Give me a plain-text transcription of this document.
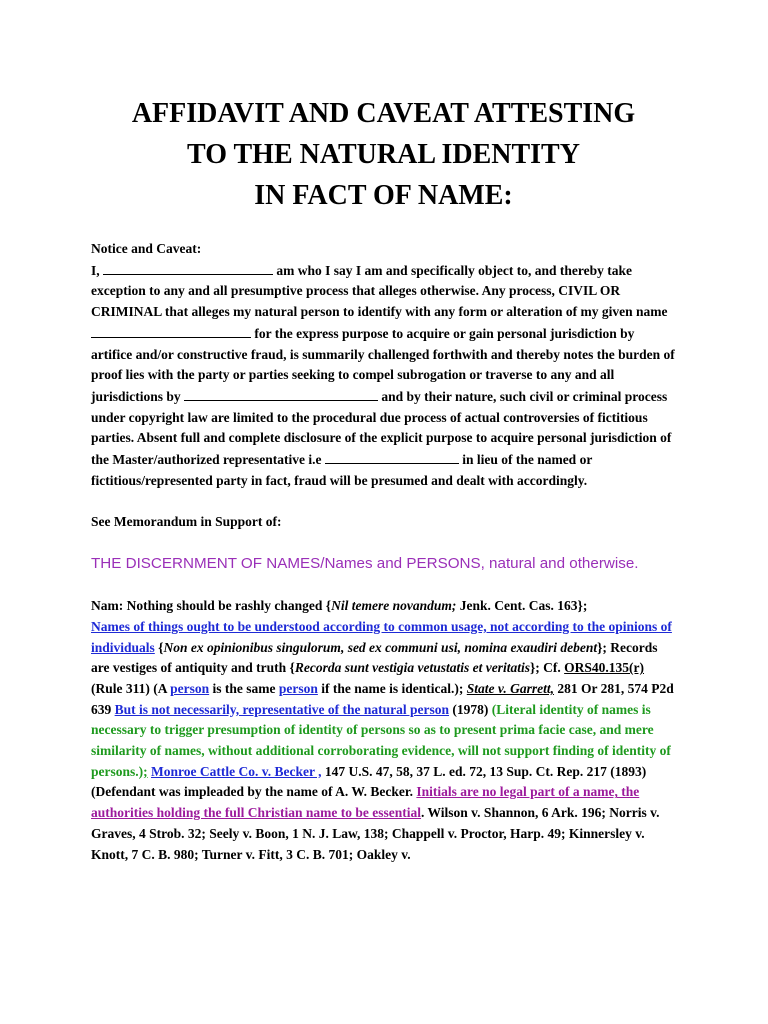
AFFIDAVIT AND CAVEAT ATTESTING
TO THE NATURAL IDENTITY
IN FACT OF NAME:
Notice and Caveat:
I,	am who I say I am and specifically object to, and thereby take exception to any and all presumptive process that alleges otherwise. Any process, CIVIL OR CRIMINAL that alleges my natural person to identify with any form or alteration of my given name  for the express purpose to acquire or gain personal jurisdiction by artifice and/or constructive fraud, is summarily challenged forthwith and thereby notes the burden of proof lies with the party or parties seeking to compel subrogation or traverse to any and all jurisdictions by	and by their nature, such civil or criminal process under copyright law are limited to the procedural due process of actual controversies of fictitious parties. Absent full and complete disclosure of the explicit purpose to acquire personal jurisdiction of the Master/authorized representative i.e	in lieu of the named or fictitious/represented party in fact, fraud will be presumed and dealt with accordingly.

See Memorandum in Support of:

THE DISCERNMENT OF NAMES/Names and PERSONS, natural and otherwise.

Nam: Nothing should be rashly changed {Nil temere novandum; Jenk. Cent. Cas. 163};
Names of things ought to be understood according to common usage, not according to the opinions of individuals {Non ex opinionibus singulorum, sed ex communi usi, nomina exaudiri debent}; Records are vestiges of antiquity and truth {Recorda sunt vestigia vetustatis et veritatis}; Cf. ORS40.135(r) (Rule 311) (A person is the same person if the name is identical.); State v. Garrett, 281 Or 281, 574 P2d 639 But is not necessarily, representative of the natural person (1978) (Literal identity of names is necessary to trigger presumption of identity of persons so as to present prima facie case, and mere similarity of names, without additional corroborating evidence, will not support finding of identity of persons.); Monroe Cattle Co. v. Becker , 147 U.S. 47, 58, 37 L. ed. 72, 13 Sup. Ct. Rep. 217 (1893) (Defendant was impleaded by the name of A. W. Becker. Initials are no legal part of a name, the authorities holding the full Christian name to be essential. Wilson v. Shannon, 6 Ark. 196; Norris v. Graves, 4 Strob. 32; Seely v. Boon, 1 N. J. Law, 138; Chappell v. Proctor, Harp. 49; Kinnersley v. Knott, 7 C. B. 980; Turner v. Fitt, 3 C. B. 701; Oakley v.
